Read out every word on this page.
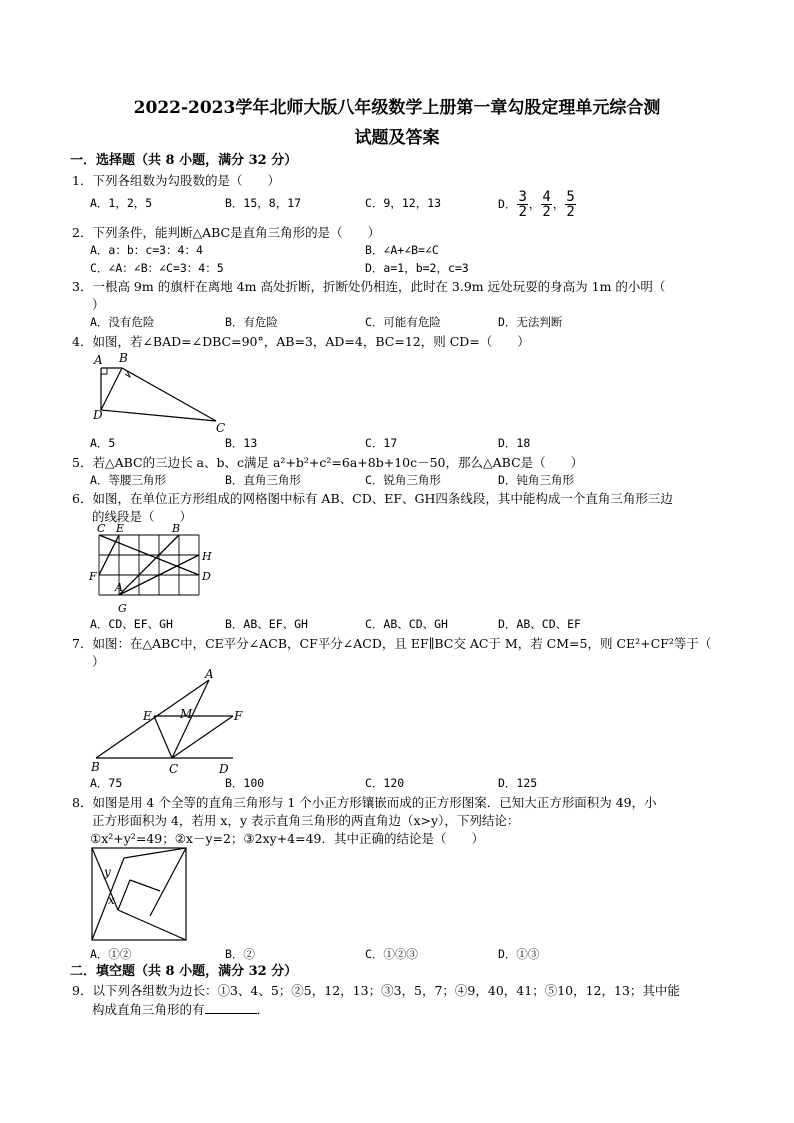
2022-2023学年北师大版八年级数学上册第一章勾股定理单元综合测
试题及答案
一．选择题（共 8 小题，满分 32 分）
1．下列各组数为勾股数的是（　　）
A．1，2，5	B．15，8，17	C．9，12，13	D． $\frac{3}{2}$ ， $\frac{4}{2}$ ， $\frac{5}{2}$
2．下列条件，能判断△ABC是直角三角形的是（　　）
A．a：b：c=3：4：4	B．∠A+∠B=∠C
C．∠A：∠B：∠C=3：4：5	D．a=1，b=2，c=3
3．一根高 9m 的旗杆在离地 4m 高处折断，折断处仍相连，此时在 3.9m 远处玩耍的身高为 1m 的小明（
）
A．没有危险	B．有危险	C．可能有危险	D．无法判断
4．如图，若∠BAD=∠DBC=90°，AB=3，AD=4，BC=12，则 CD=（　　）
A B
D
C
A．5	B．13	C．17	D．18
5．若△ABC的三边长 a、b、c满足 a²+b²+c²=6a+8b+10c－50，那么△ABC是（　　）
A．等腰三角形	B．直角三角形	C．锐角三角形	D．钝角三角形
6．如图，在单位正方形组成的网格图中标有 AB、CD、EF、GH四条线段，其中能构成一个直角三角形三边
的线段是（　　）
C E	B
H
F	D
A
G
A．CD、EF、GH	B．AB、EF、GH	C．AB、CD、GH	D．AB、CD、EF
7．如图：在△ABC中，CE平分∠ACB，CF平分∠ACD，且 EF∥BC交 AC于 M，若 CM=5，则 CE²+CF²等于（
）
A
E M	F
B	C	D
A．75	B．100	C．120	D．125
8．如图是用 4 个全等的直角三角形与 1 个小正方形镶嵌而成的正方形图案．已知大正方形面积为 49，小
正方形面积为 4，若用 x，y 表示直角三角形的两直角边（x>y），下列结论：
①x²+y²=49；②x－y=2；③2xy+4=49．其中正确的结论是（　　）
y
x
A．①②	B．②	C．①②③	D．①③
二．填空题（共 8 小题，满分 32 分）
9．以下列各组数为边长：①3、4、5；②5，12，13；③3，5，7；④9，40，41；⑤10，12，13；其中能
构成直角三角形的有	．
